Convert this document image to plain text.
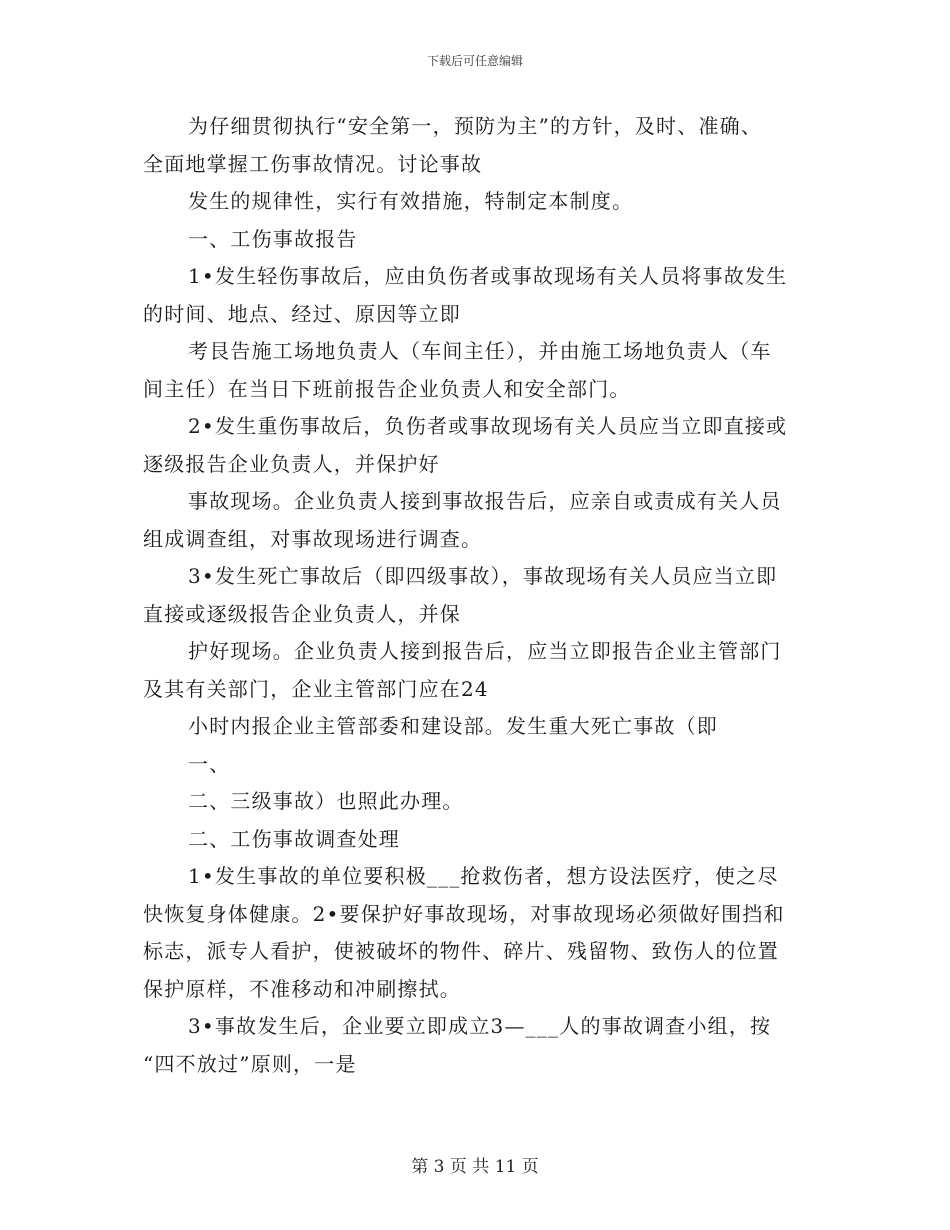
下载后可任意编辑
为仔细贯彻执行“安全第一，预防为主”的方针，及时、准确、
全面地掌握工伤事故情况。讨论事故
发生的规律性，实行有效措施，特制定本制度。
一、工伤事故报告
1•发生轻伤事故后，应由负伤者或事故现场有关人员将事故发生
的时间、地点、经过、原因等立即
考艮告施工场地负责人（车间主任），并由施工场地负责人（车
间主任）在当日下班前报告企业负责人和安全部门。
2•发生重伤事故后，负伤者或事故现场有关人员应当立即直接或
逐级报告企业负责人，并保护好
事故现场。企业负责人接到事故报告后，应亲自或责成有关人员
组成调查组，对事故现场进行调查。
3•发生死亡事故后（即四级事故），事故现场有关人员应当立即
直接或逐级报告企业负责人，并保
护好现场。企业负责人接到报告后，应当立即报告企业主管部门
及其有关部门，企业主管部门应在24
小时内报企业主管部委和建设部。发生重大死亡事故（即
一、
二、三级事故）也照此办理。
二、工伤事故调查处理
1•发生事故的单位要积极___抢救伤者，想方设法医疗，使之尽
快恢复身体健康。2•要保护好事故现场，对事故现场必须做好围挡和
标志，派专人看护，使被破坏的物件、碎片、残留物、致伤人的位置
保护原样，不准移动和冲刷擦拭。
3•事故发生后，企业要立即成立3—___人的事故调查小组，按
“四不放过”原则，一是
第 3 页 共 11 页
